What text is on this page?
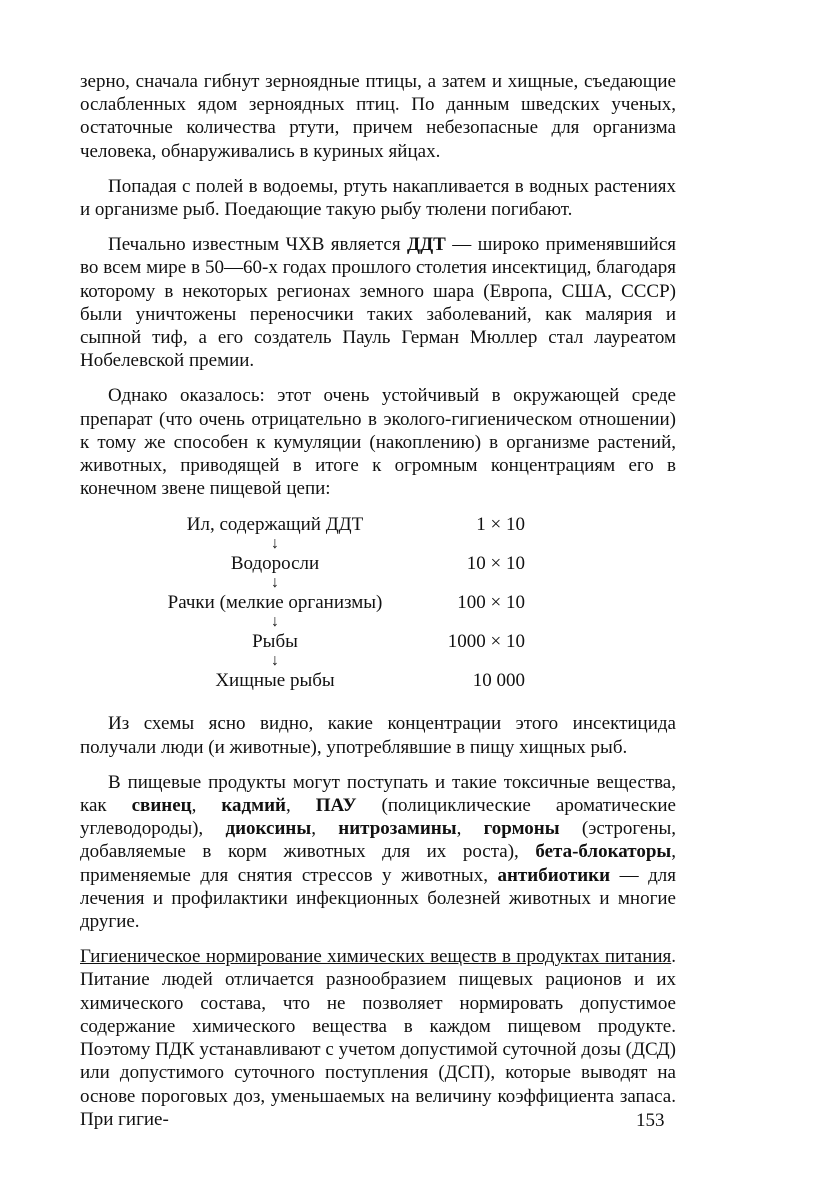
зерно, сначала гибнут зерноядные птицы, а затем и хищные, съедающие ослабленных ядом зерноядных птиц. По данным шведских ученых, остаточные количества ртути, причем небезопасные для организма человека, обнаруживались в куриных яйцах.

Попадая с полей в водоемы, ртуть накапливается в водных растениях и организме рыб. Поедающие такую рыбу тюлени погибают.

Печально известным ЧХВ является ДДТ — широко применявшийся во всем мире в 50—60-х годах прошлого столетия инсектицид, благодаря которому в некоторых регионах земного шара (Европа, США, СССР) были уничтожены переносчики таких заболеваний, как малярия и сыпной тиф, а его создатель Пауль Герман Мюллер стал лауреатом Нобелевской премии.

Однако оказалось: этот очень устойчивый в окружающей среде препарат (что очень отрицательно в эколого-гигиеническом отношении) к тому же способен к кумуляции (накоплению) в организме растений, животных, приводящей в итоге к огромным концентрациям его в конечном звене пищевой цепи:

Ил, содержащий ДДТ	1 × 10
↓
Водоросли	10 × 10
↓
Рачки (мелкие организмы)	100 × 10
↓
Рыбы	1000 × 10
↓
Хищные рыбы	10 000

Из схемы ясно видно, какие концентрации этого инсектицида получали люди (и животные), употреблявшие в пищу хищных рыб.

В пищевые продукты могут поступать и такие токсичные вещества, как свинец, кадмий, ПАУ (полициклические ароматические углеводороды), диоксины, нитрозамины, гормоны (эстрогены, добавляемые в корм животных для их роста), бета-блокаторы, применяемые для снятия стрессов у животных, антибиотики — для лечения и профилактики инфекционных болезней животных и многие другие.

Гигиеническое нормирование химических веществ в продуктах питания. Питание людей отличается разнообразием пищевых рационов и их химического состава, что не позволяет нормировать допустимое содержание химического вещества в каждом пищевом продукте. Поэтому ПДК устанавливают с учетом допустимой суточной дозы (ДСД) или допустимого суточного поступления (ДСП), которые выводят на основе пороговых доз, уменьшаемых на величину коэффициента запаса. При гигие-	153
